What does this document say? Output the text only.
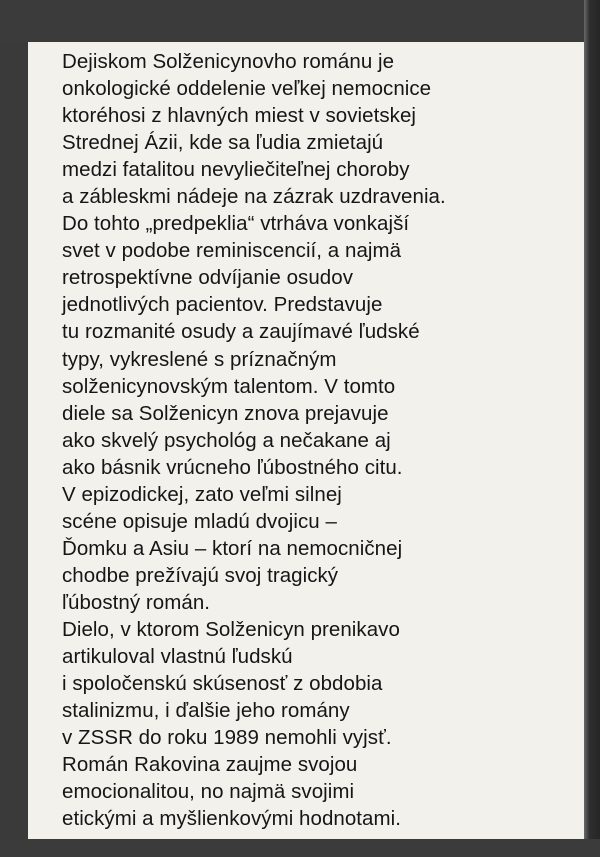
Dejiskom Solženicynovho románu je
onkologické oddelenie veľkej nemocnice
ktoréhosi z hlavných miest v sovietskej
Strednej Ázii, kde sa ľudia zmietajú
medzi fatalitou nevyliečiteľnej choroby
a zábleskmi nádeje na zázrak uzdravenia.
Do tohto „predpeklia“ vtrháva vonkajší
svet v podobe reminiscencií, a najmä
retrospektívne odvíjanie osudov
jednotlivých pacientov. Predstavuje
tu rozmanité osudy a zaujímavé ľudské
typy, vykreslené s príznačným
solženicynovským talentom. V tomto
diele sa Solženicyn znova prejavuje
ako skvelý psychológ a nečakane aj
ako básnik vrúcneho ľúbostného citu.
V epizodickej, zato veľmi silnej
scéne opisuje mladú dvojicu –
Ďomku a Asiu – ktorí na nemocničnej
chodbe prežívajú svoj tragický
ľúbostný román.
Dielo, v ktorom Solženicyn prenikavo
artikuloval vlastnú ľudskú
i spoločenskú skúsenosť z obdobia
stalinizmu, i ďalšie jeho romány
v ZSSR do roku 1989 nemohli vyjsť.
Román Rakovina zaujme svojou
emocionalitou, no najmä svojimi
etickými a myšlienkovými hodnotami.
